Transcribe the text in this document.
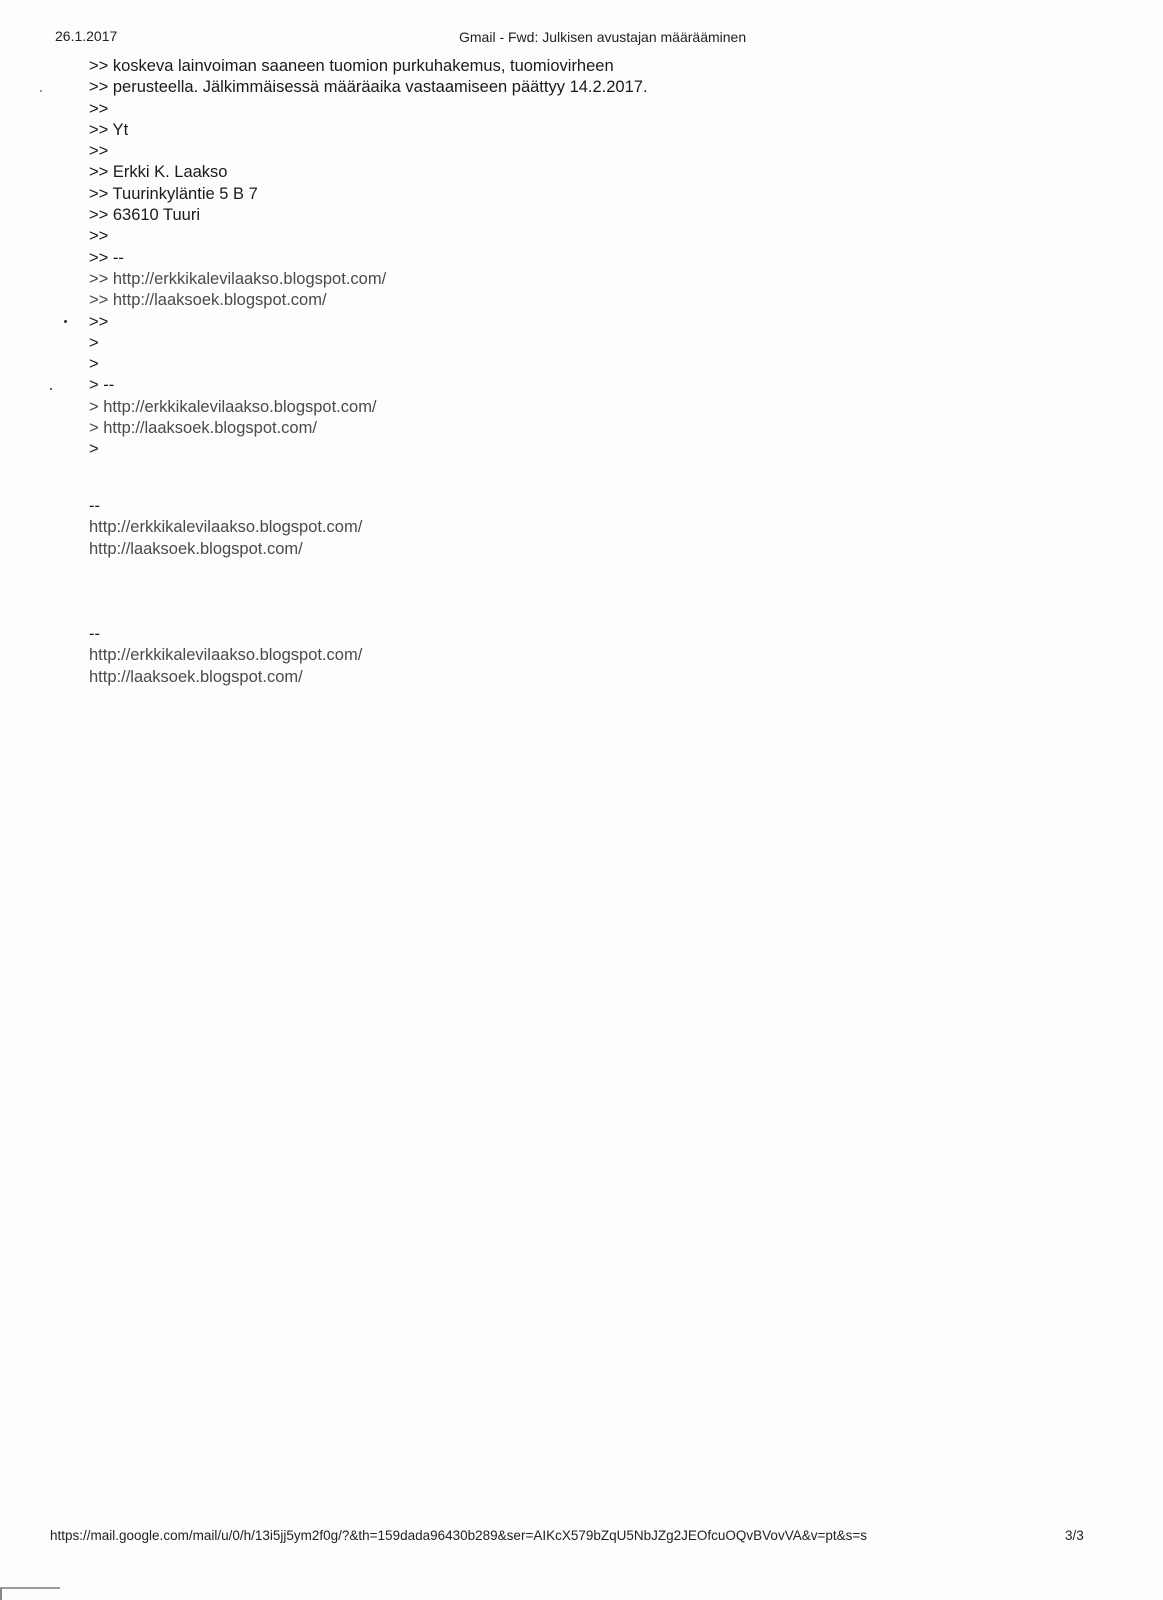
26.1.2017	Gmail - Fwd: Julkisen avustajan määrääminen
>> koskeva lainvoiman saaneen tuomion purkuhakemus, tuomiovirheen
>> perusteella. Jälkimmäisessä määräaika vastaamiseen päättyy 14.2.2017.
>>
>> Yt
>>
>> Erkki K. Laakso
>> Tuurinkyläntie 5 B 7
>> 63610 Tuuri
>>
>> --
>> http://erkkikalevilaakso.blogspot.com/
>> http://laaksoek.blogspot.com/
>>
>
>
> --
> http://erkkikalevilaakso.blogspot.com/
> http://laaksoek.blogspot.com/
>
--
http://erkkikalevilaakso.blogspot.com/
http://laaksoek.blogspot.com/
--
http://erkkikalevilaakso.blogspot.com/
http://laaksoek.blogspot.com/
https://mail.google.com/mail/u/0/h/13i5jj5ym2f0g/?&th=159dada96430b289&ser=AIKcX579bZqU5NbJZg2JEOfcuOQvBVovVA&v=pt&s=s	3/3
